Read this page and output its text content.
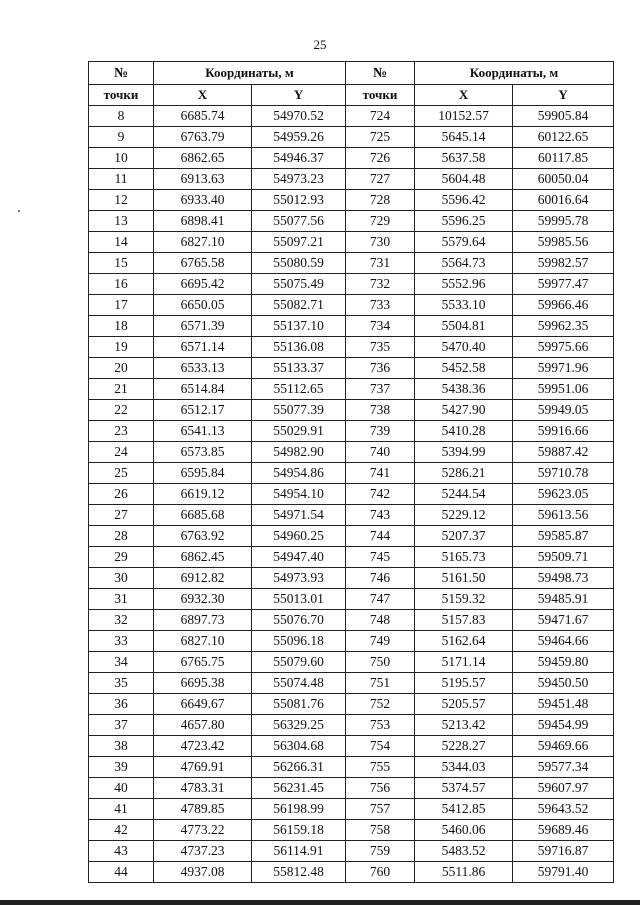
25
№	Координаты, м		№	Координаты, м	
точки	X	Y	точки	X	Y
8	6685.74	54970.52	724	10152.57	59905.84
9	6763.79	54959.26	725	5645.14	60122.65
10	6862.65	54946.37	726	5637.58	60117.85
11	6913.63	54973.23	727	5604.48	60050.04
12	6933.40	55012.93	728	5596.42	60016.64
13	6898.41	55077.56	729	5596.25	59995.78
14	6827.10	55097.21	730	5579.64	59985.56
15	6765.58	55080.59	731	5564.73	59982.57
16	6695.42	55075.49	732	5552.96	59977.47
17	6650.05	55082.71	733	5533.10	59966.46
18	6571.39	55137.10	734	5504.81	59962.35
19	6571.14	55136.08	735	5470.40	59975.66
20	6533.13	55133.37	736	5452.58	59971.96
21	6514.84	55112.65	737	5438.36	59951.06
22	6512.17	55077.39	738	5427.90	59949.05
23	6541.13	55029.91	739	5410.28	59916.66
24	6573.85	54982.90	740	5394.99	59887.42
25	6595.84	54954.86	741	5286.21	59710.78
26	6619.12	54954.10	742	5244.54	59623.05
27	6685.68	54971.54	743	5229.12	59613.56
28	6763.92	54960.25	744	5207.37	59585.87
29	6862.45	54947.40	745	5165.73	59509.71
30	6912.82	54973.93	746	5161.50	59498.73
31	6932.30	55013.01	747	5159.32	59485.91
32	6897.73	55076.70	748	5157.83	59471.67
33	6827.10	55096.18	749	5162.64	59464.66
34	6765.75	55079.60	750	5171.14	59459.80
35	6695.38	55074.48	751	5195.57	59450.50
36	6649.67	55081.76	752	5205.57	59451.48
37	4657.80	56329.25	753	5213.42	59454.99
38	4723.42	56304.68	754	5228.27	59469.66
39	4769.91	56266.31	755	5344.03	59577.34
40	4783.31	56231.45	756	5374.57	59607.97
41	4789.85	56198.99	757	5412.85	59643.52
42	4773.22	56159.18	758	5460.06	59689.46
43	4737.23	56114.91	759	5483.52	59716.87
44	4937.08	55812.48	760	5511.86	59791.40
